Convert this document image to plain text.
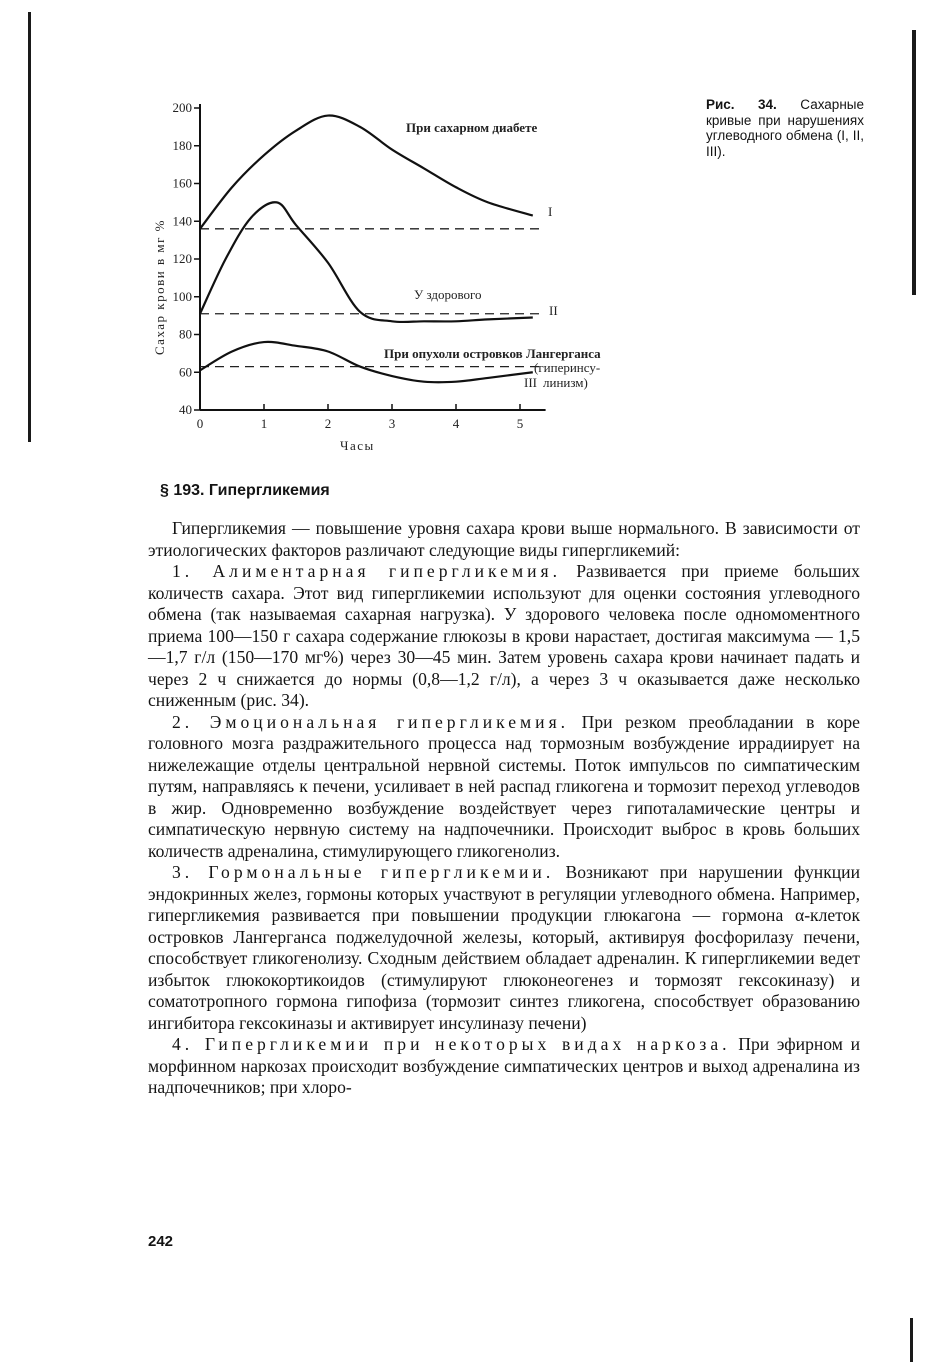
40
60
80
100
120
140
160
180
200
0	1	2	3	4	5
При сахарном диабете
У здорового
При опухоли островков Лангерганса
(гиперинсу-
линизм)
I
II
III
Часы
Сахар крови в мг %
Рис. 34. Сахарные кривые при нарушениях углеводного обмена (I, II, III).
§ 193. Гипергликемия

Гипергликемия — повышение уровня сахара крови выше нормального. В зависимости от этиологических факторов различают следующие виды гипергликемий:

1. Алиментарная гипергликемия. Развивается при приеме больших количеств сахара. Этот вид гипергликемии используют для оценки состояния углеводного обмена (так называемая сахарная нагрузка). У здорового человека после одномоментного приема 100—150 г сахара содержание глюкозы в крови нарастает, достигая максимума — 1,5—1,7 г/л (150—170 мг%) через 30—45 мин. Затем уровень сахара крови начинает падать и через 2 ч снижается до нормы (0,8—1,2 г/л), а через 3 ч оказывается даже несколько сниженным (рис. 34).

2. Эмоциональная гипергликемия. При резком преобладании в коре головного мозга раздражительного процесса над тормозным возбуждение иррадиирует на нижележащие отделы центральной нервной системы. Поток импульсов по симпатическим путям, направляясь к печени, усиливает в ней распад гликогена и тормозит переход углеводов в жир. Одновременно возбуждение воздействует через гипоталамические центры и симпатическую нервную систему на надпочечники. Происходит выброс в кровь больших количеств адреналина, стимулирующего гликогенолиз.

3. Гормональные гипергликемии. Возникают при нарушении функции эндокринных желез, гормоны которых участвуют в регуляции углеводного обмена. Например, гипергликемия развивается при повышении продукции глюкагона — гормона α-клеток островков Лангерганса поджелудочной железы, который, активируя фосфорилазу печени, способствует гликогенолизу. Сходным действием обладает адреналин. К гипергликемии ведет избыток глюкокортикоидов (стимулируют глюконеогенез и тормозят гексокиназу) и соматотропного гормона гипофиза (тормозит синтез гликогена, способствует образованию ингибитора гексокиназы и активирует инсулиназу печени)

4. Гипергликемии при некоторых видах наркоза. При эфирном и морфинном наркозах происходит возбуждение симпатических центров и выход адреналина из надпочечников; при хлоро-

242
